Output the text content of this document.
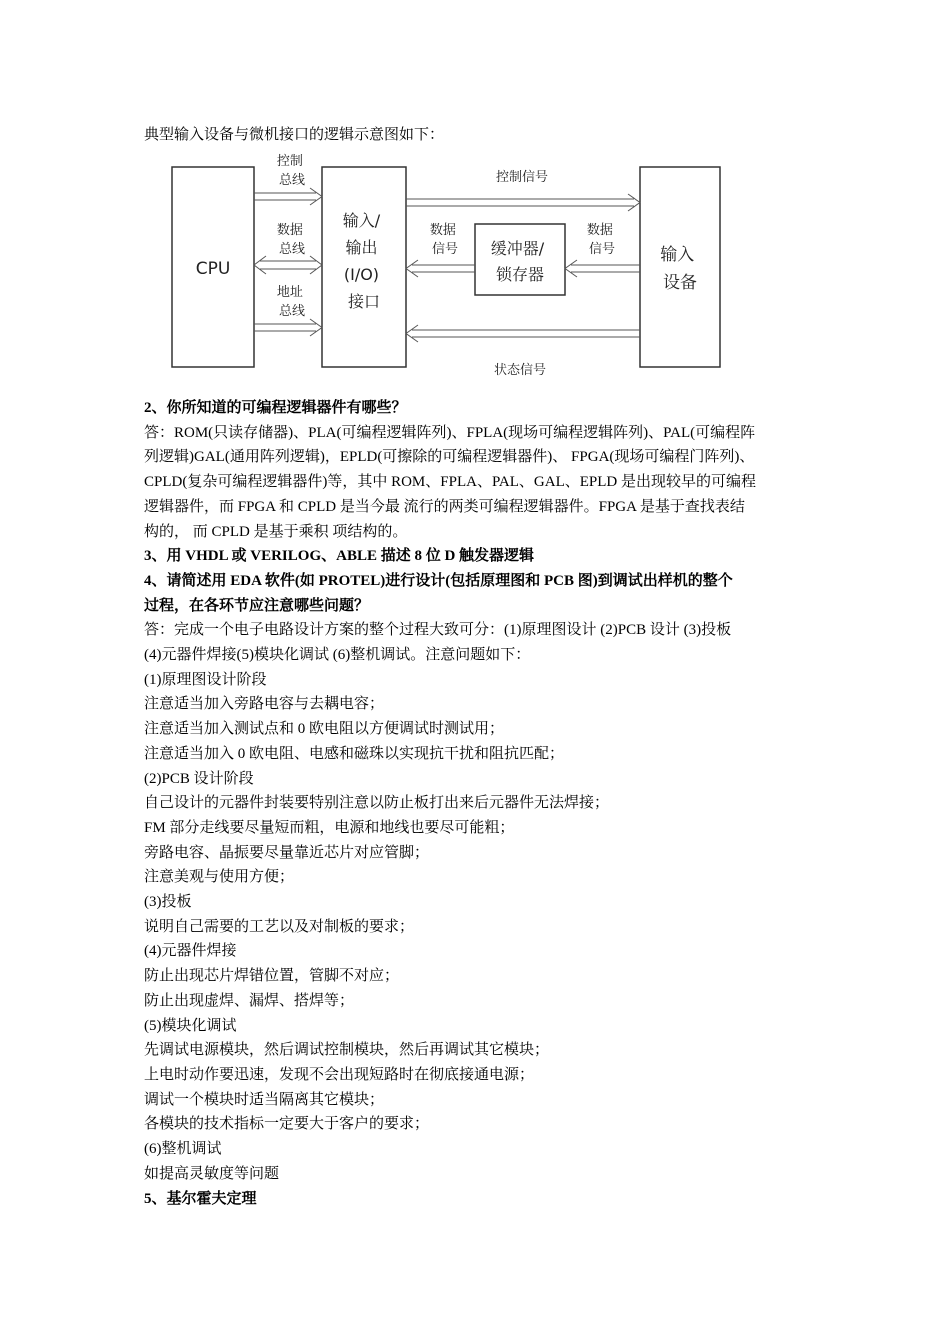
典型输入设备与微机接口的逻辑示意图如下：
CPU
输入/ 输出 (I/O) 接口
缓冲器/ 锁存器
输入 设备
控制 总线
数据 总线
地址 总线
控制信号
状态信号
数据 信号
数据 信号

2、你所知道的可编程逻辑器件有哪些？

答：ROM(只读存储器)、PLA(可编程逻辑阵列)、FPLA(现场可编程逻辑阵列)、PAL(可编程阵

列逻辑)GAL(通用阵列逻辑)，EPLD(可擦除的可编程逻辑器件)、 FPGA(现场可编程门阵列)、

CPLD(复杂可编程逻辑器件)等，其中 ROM、FPLA、PAL、GAL、EPLD 是出现较早的可编程

逻辑器件，而 FPGA 和 CPLD 是当今最 流行的两类可编程逻辑器件。FPGA 是基于查找表结

构的， 而 CPLD 是基于乘积 项结构的。

3、用 VHDL 或 VERILOG、ABLE 描述 8 位 D 触发器逻辑

4、请简述用 EDA 软件(如 PROTEL)进行设计(包括原理图和 PCB 图)到调试出样机的整个

过程，在各环节应注意哪些问题？

答：完成一个电子电路设计方案的整个过程大致可分：(1)原理图设计 (2)PCB 设计 (3)投板

(4)元器件焊接(5)模块化调试 (6)整机调试。注意问题如下：

(1)原理图设计阶段

注意适当加入旁路电容与去耦电容；

注意适当加入测试点和 0 欧电阻以方便调试时测试用；

注意适当加入 0 欧电阻、电感和磁珠以实现抗干扰和阻抗匹配；

(2)PCB 设计阶段

自己设计的元器件封装要特别注意以防止板打出来后元器件无法焊接；

FM 部分走线要尽量短而粗，电源和地线也要尽可能粗；

旁路电容、晶振要尽量靠近芯片对应管脚；

注意美观与使用方便；

(3)投板

说明自己需要的工艺以及对制板的要求；

(4)元器件焊接

防止出现芯片焊错位置，管脚不对应；

防止出现虚焊、漏焊、搭焊等；

(5)模块化调试

先调试电源模块，然后调试控制模块，然后再调试其它模块；

上电时动作要迅速，发现不会出现短路时在彻底接通电源；

调试一个模块时适当隔离其它模块；

各模块的技术指标一定要大于客户的要求；

(6)整机调试

如提高灵敏度等问题

5、基尔霍夫定理
